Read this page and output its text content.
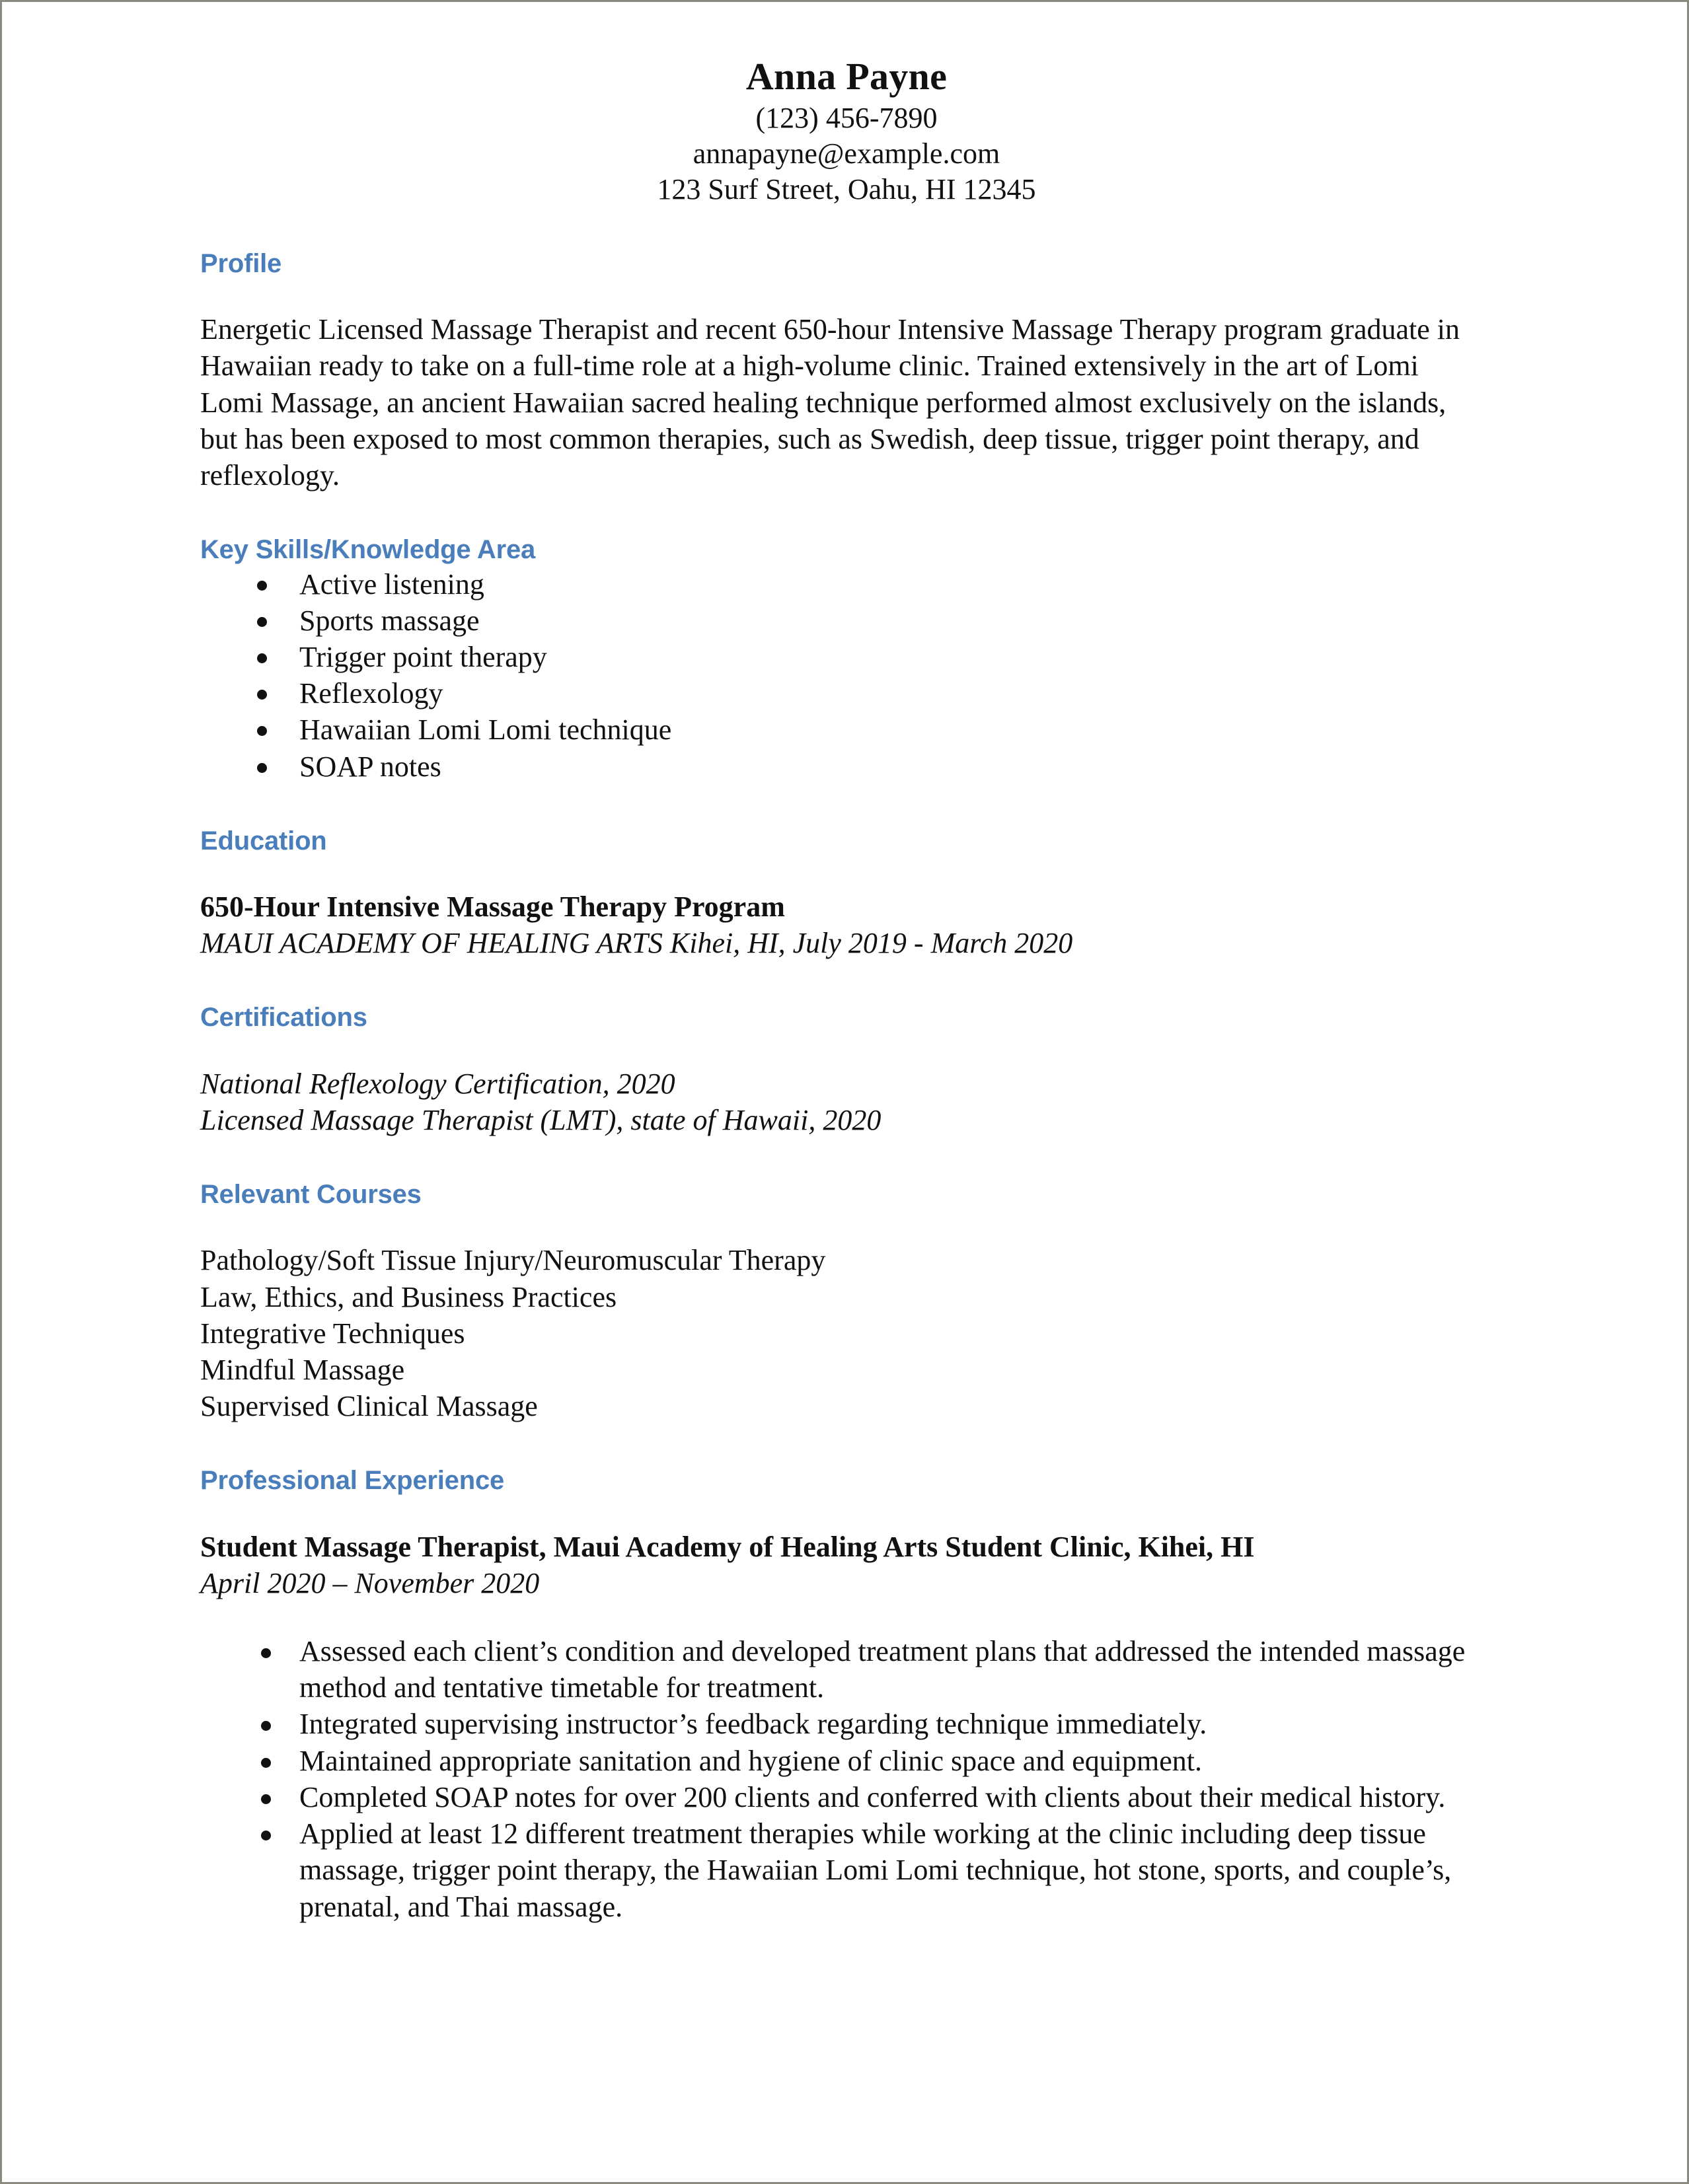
Anna Payne
(123) 456-7890
annapayne@example.com
123 Surf Street, Oahu, HI 12345
Profile

Energetic Licensed Massage Therapist and recent 650-hour Intensive Massage Therapy program graduate in Hawaiian ready to take on a full-time role at a high-volume clinic. Trained extensively in the art of Lomi Lomi Massage, an ancient Hawaiian sacred healing technique performed almost exclusively on the islands, but has been exposed to most common therapies, such as Swedish, deep tissue, trigger point therapy, and reflexology.

Key Skills/Knowledge Area
Active listening
Sports massage
Trigger point therapy
Reflexology
Hawaiian Lomi Lomi technique
SOAP notes
Education

650-Hour Intensive Massage Therapy Program

MAUI ACADEMY OF HEALING ARTS Kihei, HI, July 2019 - March 2020

Certifications

National Reflexology Certification, 2020

Licensed Massage Therapist (LMT), state of Hawaii, 2020

Relevant Courses

Pathology/Soft Tissue Injury/Neuromuscular Therapy

Law, Ethics, and Business Practices

Integrative Techniques

Mindful Massage

Supervised Clinical Massage

Professional Experience

Student Massage Therapist, Maui Academy of Healing Arts Student Clinic, Kihei, HI

April 2020 – November 2020

Assessed each client’s condition and developed treatment plans that addressed the intended massage method and tentative timetable for treatment.
Integrated supervising instructor’s feedback regarding technique immediately.
Maintained appropriate sanitation and hygiene of clinic space and equipment.
Completed SOAP notes for over 200 clients and conferred with clients about their medical history.
Applied at least 12 different treatment therapies while working at the clinic including deep tissue massage, trigger point therapy, the Hawaiian Lomi Lomi technique, hot stone, sports, and couple’s, prenatal, and Thai massage.
